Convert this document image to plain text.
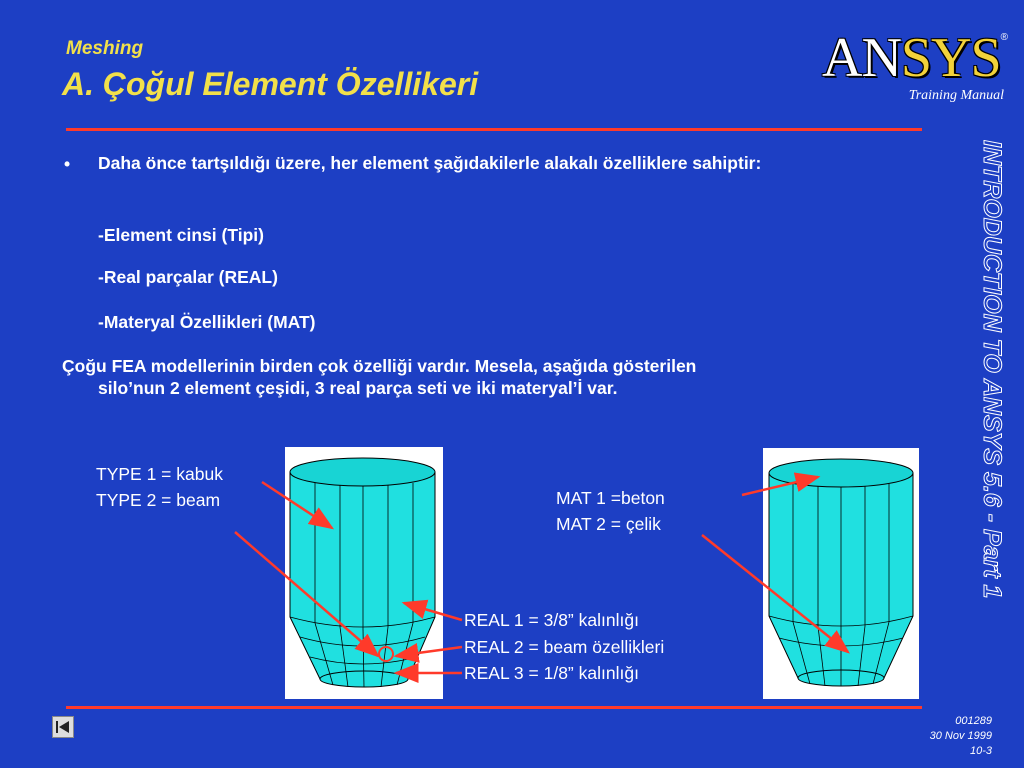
Meshing
A. Çoğul Element Özellikeri	ANSYS ®
Training Manual
• Daha önce tartşıldığı üzere, her element şağıdakilerle alakalı özelliklere sahiptir:
-Element cinsi (Tipi)
-Real parçalar (REAL)
-Materyal Özellikleri (MAT)
Çoğu FEA modellerinin birden çok özelliği vardır. Mesela, aşağıda gösterilen
silo’nun 2 element çeşidi, 3 real parça seti ve iki materyal’İ var.
TYPE 1 = kabuk
TYPE 2 = beam	MAT 1 =beton
MAT 2 = çelik
REAL 1 = 3/8” kalınlığı
REAL 2 = beam özellikleri
REAL 3 = 1/8” kalınlığı
INTRODUCTION TO ANSYS 5.6 - Part 1
001289
30 Nov 1999
10-3
